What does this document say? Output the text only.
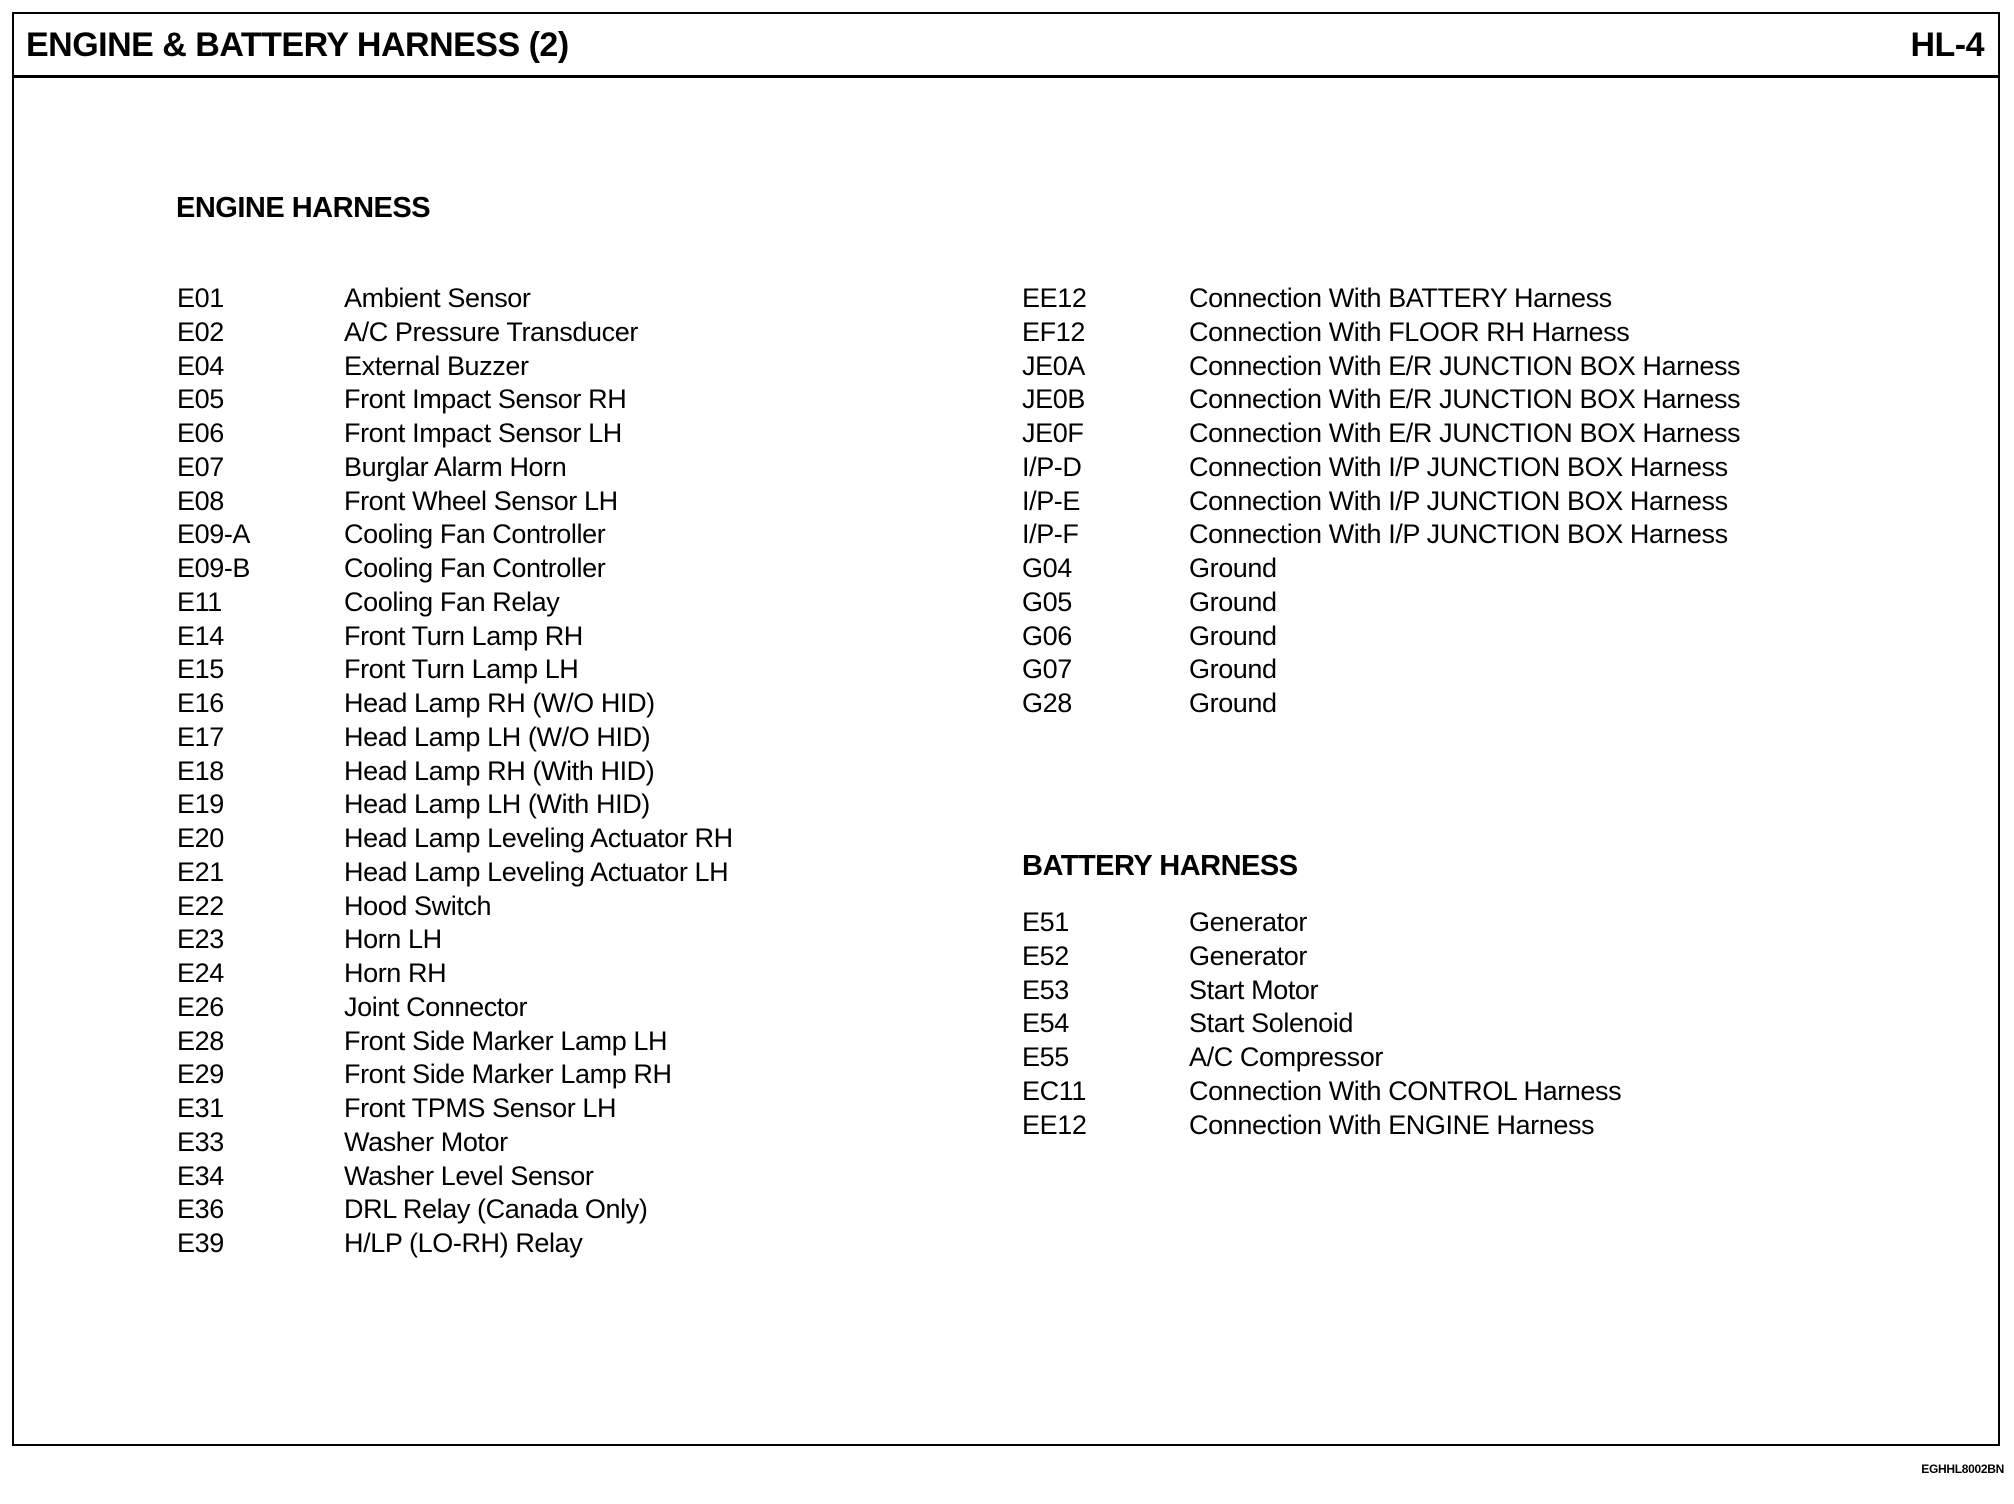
ENGINE & BATTERY HARNESS (2)	HL-4
ENGINE HARNESS
E01	Ambient Sensor
E02	A/C Pressure Transducer
E04	External Buzzer
E05	Front Impact Sensor RH
E06	Front Impact Sensor LH
E07	Burglar Alarm Horn
E08	Front Wheel Sensor LH
E09-A	Cooling Fan Controller
E09-B	Cooling Fan Controller
E11	Cooling Fan Relay
E14	Front Turn Lamp RH
E15	Front Turn Lamp LH
E16	Head Lamp RH (W/O HID)
E17	Head Lamp LH (W/O HID)
E18	Head Lamp RH (With HID)
E19	Head Lamp LH (With HID)
E20	Head Lamp Leveling Actuator RH
E21	Head Lamp Leveling Actuator LH
E22	Hood Switch
E23	Horn LH
E24	Horn RH
E26	Joint Connector
E28	Front Side Marker Lamp LH
E29	Front Side Marker Lamp RH
E31	Front TPMS Sensor LH
E33	Washer Motor
E34	Washer Level Sensor
E36	DRL Relay (Canada Only)
E39	H/LP (LO-RH) Relay
EE12	Connection With BATTERY Harness
EF12	Connection With FLOOR RH Harness
JE0A	Connection With E/R JUNCTION BOX Harness
JE0B	Connection With E/R JUNCTION BOX Harness
JE0F	Connection With E/R JUNCTION BOX Harness
I/P-D	Connection With I/P JUNCTION BOX Harness
I/P-E	Connection With I/P JUNCTION BOX Harness
I/P-F	Connection With I/P JUNCTION BOX Harness
G04	Ground
G05	Ground
G06	Ground
G07	Ground
G28	Ground
BATTERY HARNESS
E51	Generator
E52	Generator
E53	Start Motor
E54	Start Solenoid
E55	A/C Compressor
EC11	Connection With CONTROL Harness
EE12	Connection With ENGINE Harness
EGHHL8002BN
